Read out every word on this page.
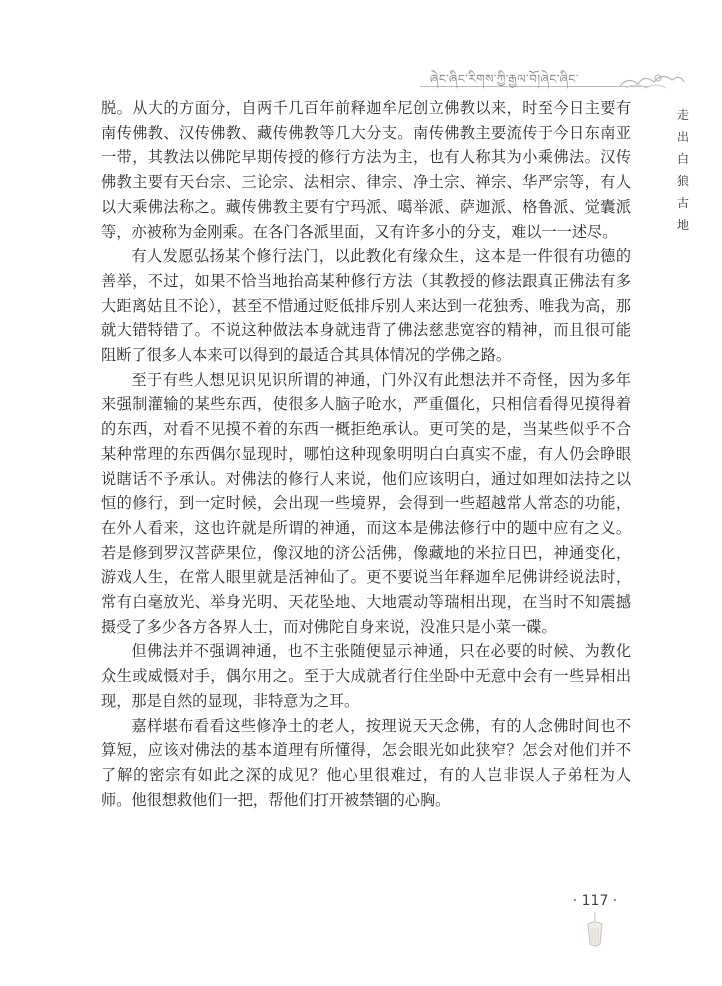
ཞེང་ཞིང་རིགས་ཀྱི་རྒྱལ་བོ།ཞེང་ཞིང་
走
出
白
狼
古
地

脱。从大的方面分，自两千几百年前释迦牟尼创立佛教以来，时至今日主要有南传佛教、汉传佛教、藏传佛教等几大分支。南传佛教主要流传于今日东南亚一带，其教法以佛陀早期传授的修行方法为主，也有人称其为小乘佛法。汉传佛教主要有天台宗、三论宗、法相宗、律宗、净土宗、禅宗、华严宗等，有人以大乘佛法称之。藏传佛教主要有宁玛派、噶举派、萨迦派、格鲁派、觉囊派等，亦被称为金刚乘。在各门各派里面，又有许多小的分支，难以一一述尽。

有人发愿弘扬某个修行法门，以此教化有缘众生，这本是一件很有功德的善举，不过，如果不恰当地抬高某种修行方法（其教授的修法跟真正佛法有多大距离姑且不论），甚至不惜通过贬低排斥别人来达到一花独秀、唯我为高，那就大错特错了。不说这种做法本身就违背了佛法慈悲宽容的精神，而且很可能阻断了很多人本来可以得到的最适合其具体情况的学佛之路。

至于有些人想见识见识所谓的神通，门外汉有此想法并不奇怪，因为多年来强制灌输的某些东西，使很多人脑子呛水，严重僵化，只相信看得见摸得着的东西，对看不见摸不着的东西一概拒绝承认。更可笑的是，当某些似乎不合某种常理的东西偶尔显现时，哪怕这种现象明明白白真实不虚，有人仍会睁眼说瞎话不予承认。对佛法的修行人来说，他们应该明白，通过如理如法持之以恒的修行，到一定时候，会出现一些境界，会得到一些超越常人常态的功能，在外人看来，这也许就是所谓的神通，而这本是佛法修行中的题中应有之义。若是修到罗汉菩萨果位，像汉地的济公活佛，像藏地的米拉日巴，神通变化，游戏人生，在常人眼里就是活神仙了。更不要说当年释迦牟尼佛讲经说法时，常有白毫放光、举身光明、天花坠地、大地震动等瑞相出现，在当时不知震撼摄受了多少各方各界人士，而对佛陀自身来说，没准只是小菜一碟。

但佛法并不强调神通，也不主张随便显示神通，只在必要的时候、为教化众生或威慑对手，偶尔用之。至于大成就者行住坐卧中无意中会有一些异相出现，那是自然的显现，非特意为之耳。

嘉样堪布看看这些修净土的老人，按理说天天念佛，有的人念佛时间也不算短，应该对佛法的基本道理有所懂得，怎会眼光如此狭窄？怎会对他们并不了解的密宗有如此之深的成见？他心里很难过，有的人岂非误人子弟枉为人师。他很想救他们一把，帮他们打开被禁锢的心胸。

· 117 ·
